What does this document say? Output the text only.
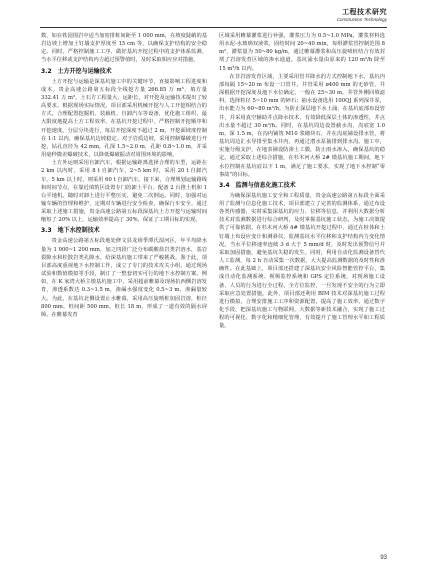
工程技术研究
Construction Technology

数，如在铁园围岩中适当加密排桩间距至 1 000 mm，在坡度陡峭的基岩边坡上增加土钉墙支护厚度至 15 cm 等，以确保支护结构的安全稳定。同时，严格控制施工工序，做好基坑开挖过程中的支护体系监测。当水平位移或支护结构内力超过预警值时，及时采取相应应对措施。

3.2　土方开挖与运输技术

土方开挖与运输是深基坑施工中的关键环节，直接影响工程进度和成本。贵金高速公路第五标段全线挖方量 266.85 万 m³，填方量 332.41 万 m³，土石方工程量大，运距长，对开挖及运输技术提出了较高要求。根据现场实际情况，项目部采用机械开挖与人工开挖相结合的方式，合理配置挖掘机、装载机、自卸汽车等设备，优化施工组织，最大限度地提高土方工程效率。在基坑开挖过程中，严格控制开挖顺序和开挖速度，分层分块进行，每层开挖深度不超过 2 m，开挖面坡度控制在 1:1 以内，确保基坑边坡稳定。对于岩质边坡，采用控制爆破进行开挖，钻孔直径为 42 mm，孔深 1.5~2.0 m，孔距 0.8~1.0 m，并采用毫秒微差爆破技术，以降低爆破振动对周围环境的影响。

土方外运则采用自卸汽车，根据运输距离选择合理的车型，运距在 2 km 以内时，采用 8 t 自卸汽车，2~5 km 时，采用 20 t 自卸汽车，5 km 以上时，则采用 60 t 自卸汽车。接下来，合理规划运输路线和时间节点，在靠近填筑区设置专门的卸土平台，配备 2 台推土机和 1 台平地机，随时对卸土进行平整压实，避免二次倒运。同时，加强对运输车辆的管理和维护，定期对车辆进行安全检查，确保行车安全。通过采取上述施工措施，贵金高速公路第五标段深基坑土方开挖与运输时间缩短了 20% 以上，运输效率提高了 30%，保证了工期目标的实现。

3.3　地下水控制技术

贵金高速公路第五标段地处修文县龙场季潭氏湿河区，年平均降水量为 1 000~1 200 mm，加之四段广泛分布碳酸盐岩类岩溶水，基岩裂隙水和松散岩类孔隙水，给深基坑施工带来了严峻挑战。鉴于此，项目部高度重视地下水控制工作，成立了专门的技术攻关小组，通过现场试验和数值模拟等手段，制订了一整套切实可行的地下水控制方案。例如，在 K 家湾大桥主墩基坑施工中，采用超前帷幕及现场抗西侧岩溶发育，渗透系数达 0.3~1.5 m，渗漏水强度变化 0.5~3 m，渗漏量较大。为此，在基坑北侧设置止水帷幕，采用高压旋喷桩加固岩溶，桩径 800 mm，桩间距 500 mm，桩长 18 m，形成了一道有效的隔水屏障。在帷幕发育

区域采用帷幕灌浆进行补强，灌浆压力为 0.5~1.0 MPa，灌浆材料选用水泥-水玻璃双液浆，固结时间 20~40 min，每组灌浆管控制范围 8 m²，灌浆量为 50~80 kg/m，通过帷幕灌浆和高压旋喷桩结合有效封堵了岩溶发育区域的渗水通道。基坑涌水量由原来的 120 m³/h 降至 15 m³/h 以内。

在非岩溶发育区域，主要采用管井降水的方式控制地下水，基坑内部每隔 15~20 m 布设一口管井，井管采用 ø400 mm 的无砂管，井深根据开挖深度及地下水位确定，一般在 25~30 m，井管外侧回填滤料，选择粒径 5~10 mm 的碎石；抽水设备选用 100QJ 系列深井泵，出水能力为 60~80 m³/h。为防止深层地下水上涌，在基坑底部布设管井，并采用真空辅助井点降水技术，有效降低深层土体的渗透性，井点出水量不超过 30 m³/h。同时，在基坑周边设置截水沟，沟底宽 1.0 m，深 1.5 m，在沟内铺筑 M10 浆砌块石，并在沟底铺设排水管，将基坑周边汇水导排至集水井内，再通过潜水泵抽排到排水沟。施工中，实施分级支护，在地表铺设防渗土工膜，防止雨水渗入，确保基坑的稳定。通过采取上述综合措施，在杉木河大桥 2# 墩基坑施工期间，地下水位控制在基坑底以下 1 m，满足了施工要求，实现了地下水控制“零事故”的目标。

3.4　监测与信息化施工技术

为确保深基坑施工安全和工程质量，贵金高速公路第五标段全面采用了监测与信息化施工技术，项目部建立了完善的监测体系，通过布设各类传感器，实时采集深基坑的应力、位移等信息，并利用大数据分析技术对监测数据进行综合研判，及时掌握基坑施工状态，为施工决策提供了可靠依据。在杉木河大桥 4# 墩基坑开挖过程中，通过在桩体和土钉墙上布设应变计和测斜仪，监测基坑水平位移和支护结构内力变化情况。当水平位移速率连续 3 d 大于 5 mm/d 时，及时发出预警信号并采取加固措施，避免基坑失稳的发生。同时，利用自动化监测设备替代人工监测，每 2 h 自动采集一次数据，大大提高监测数据的及时性和准确性。在此基础上，项目部还搭建了深基坑安全风险智能管控平台，集成自动化监测系统、视频监控系统和 GPS 定位系统，对现场施工设备、人员的行为进行全过程、全方位监控，一旦发现不安全的行为立即采取应急处置措施。此外，项目部还利用 BIM 技术对深基坑施工过程进行模拟，合理安排施工工序和资源配置，提高了施工效率。通过数字化手段，把深基坑施工与物联网、大数据等新技术融合，实现了施工过程的可视化、数字化和精细化管理，有效提升了施工管理水平和工程质量。

93
